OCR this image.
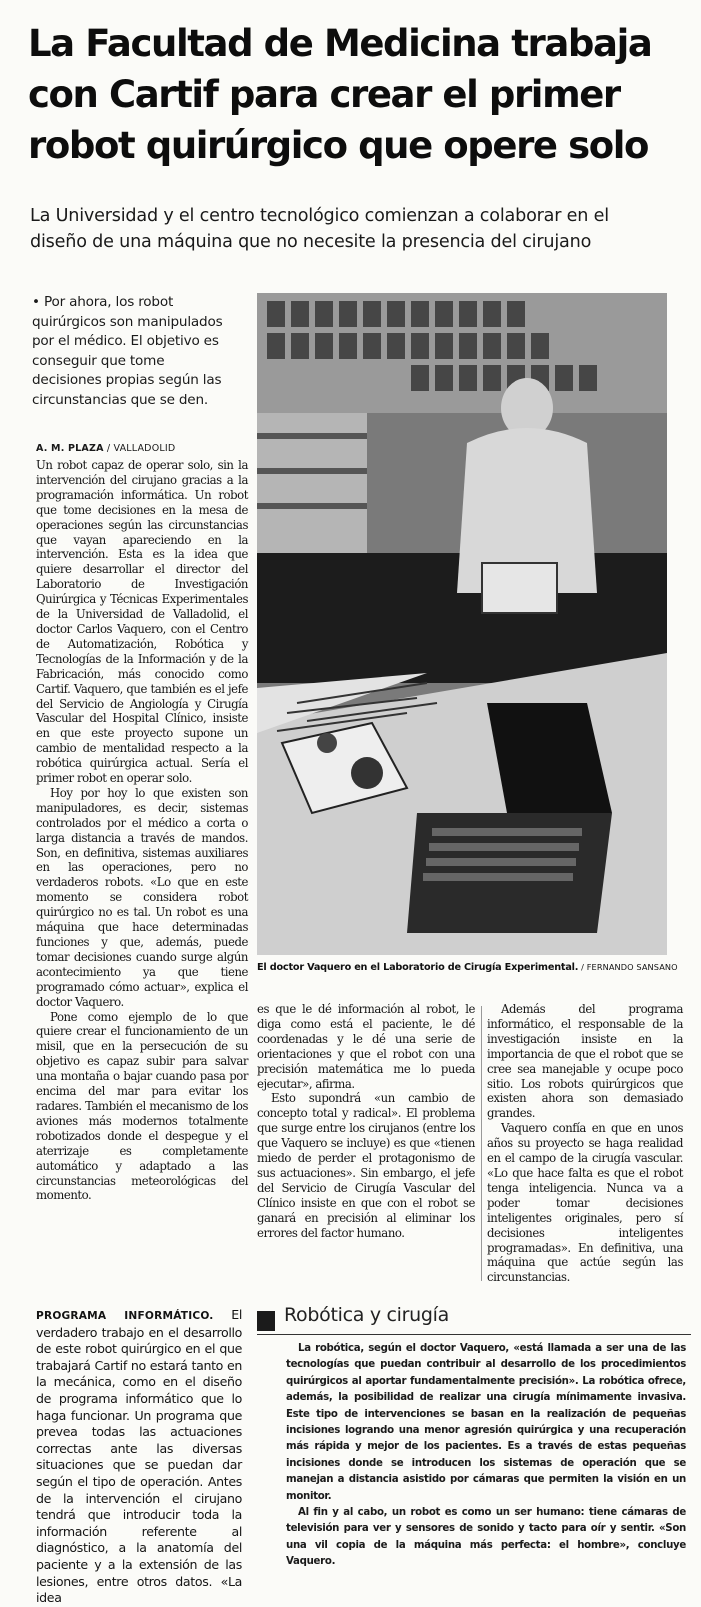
La Facultad de Medicina trabaja
con Cartif para crear el primer
robot quirúrgico que opere solo
La Universidad y el centro tecnológico comienzan a colaborar en el
diseño de una máquina que no necesite la presencia del cirujano
• Por ahora, los robot quirúrgicos son manipulados por el médico. El objetivo es conseguir que tome decisiones propias según las circunstancias que se den.
A. M. PLAZA / VALLADOLID

Un robot capaz de operar solo, sin la intervención del cirujano gracias a la programación informática. Un robot que tome decisiones en la mesa de operaciones según las circunstancias que vayan apareciendo en la intervención. Esta es la idea que quiere desarrollar el director del Laboratorio de Investigación Quirúrgica y Técnicas Experimentales de la Universidad de Valladolid, el doctor Carlos Vaquero, con el Centro de Automatización, Robótica y Tecnologías de la Información y de la Fabricación, más conocido como Cartif. Vaquero, que también es el jefe del Servicio de Angiología y Cirugía Vascular del Hospital Clínico, insiste en que este proyecto supone un cambio de mentalidad respecto a la robótica quirúrgica actual. Sería el primer robot en operar solo.

Hoy por hoy lo que existen son manipuladores, es decir, sistemas controlados por el médico a corta o larga distancia a través de mandos. Son, en definitiva, sistemas auxiliares en las operaciones, pero no verdaderos robots. «Lo que en este momento se considera robot quirúrgico no es tal. Un robot es una máquina que hace determinadas funciones y que, además, puede tomar decisiones cuando surge algún acontecimiento ya que tiene programado cómo actuar», explica el doctor Vaquero.

Pone como ejemplo de lo que quiere crear el funcionamiento de un misil, que en la persecución de su objetivo es capaz subir para salvar una montaña o bajar cuando pasa por encima del mar para evitar los radares. También el mecanismo de los aviones más modernos totalmente robotizados donde el despegue y el aterrizaje es completamente automático y adaptado a las circunstancias meteorológicas del momento.

PROGRAMA INFORMÁTICO. El verdadero trabajo en el desarrollo de este robot quirúrgico en el que trabajará Cartif no estará tanto en la mecánica, como en el diseño de programa informático que lo haga funcionar. Un programa que prevea todas las actuaciones correctas ante las diversas situaciones que se puedan dar según el tipo de operación. Antes de la intervención el cirujano tendrá que introducir toda la información referente al diagnóstico, a la anatomía del paciente y a la extensión de las lesiones, entre otros datos. «La idea

El doctor Vaquero en el Laboratorio de Cirugía Experimental. / FERNANDO SANSANO

es que le dé información al robot, le diga como está el paciente, le dé coordenadas y le dé una serie de orientaciones y que el robot con una precisión matemática me lo pueda ejecutar», afirma.

Esto supondrá «un cambio de concepto total y radical». El problema que surge entre los cirujanos (entre los que Vaquero se incluye) es que «tienen miedo de perder el protagonismo de sus actuaciones». Sin embargo, el jefe del Servicio de Cirugía Vascular del Clínico insiste en que con el robot se ganará en precisión al eliminar los errores del factor humano.

Además del programa informático, el responsable de la investigación insiste en la importancia de que el robot que se cree sea manejable y ocupe poco sitio. Los robots quirúrgicos que existen ahora son demasiado grandes.

Vaquero confía en que en unos años su proyecto se haga realidad en el campo de la cirugía vascular. «Lo que hace falta es que el robot tenga inteligencia. Nunca va a poder tomar decisiones inteligentes originales, pero sí decisiones inteligentes programadas». En definitiva, una máquina que actúe según las circunstancias.

Robótica y cirugía

La robótica, según el doctor Vaquero, «está llamada a ser una de las tecnologías que puedan contribuir al desarrollo de los procedimientos quirúrgicos al aportar fundamentalmente precisión». La robótica ofrece, además, la posibilidad de realizar una cirugía mínimamente invasiva. Este tipo de intervenciones se basan en la realización de pequeñas incisiones logrando una menor agresión quirúrgica y una recuperación más rápida y mejor de los pacientes. Es a través de estas pequeñas incisiones donde se introducen los sistemas de operación que se manejan a distancia asistido por cámaras que permiten la visión en un monitor.

Al fin y al cabo, un robot es como un ser humano: tiene cámaras de televisión para ver y sensores de sonido y tacto para oír y sentir. «Son una vil copia de la máquina más perfecta: el hombre», concluye Vaquero.
